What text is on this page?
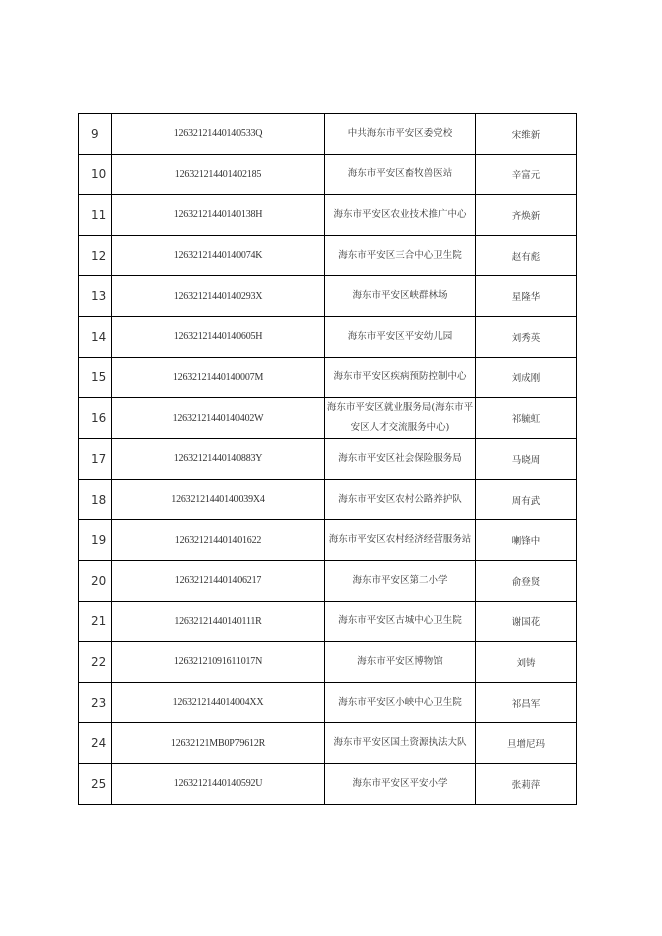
9	12632121440140533Q	中共海东市平安区委党校	宋维新
10	126321214401402185	海东市平安区畜牧兽医站	辛富元
11	12632121440140138H	海东市平安区农业技术推广中心	齐焕新
12	12632121440140074K	海东市平安区三合中心卫生院	赵有彪
13	12632121440140293X	海东市平安区峡群林场	星隆华
14	12632121440140605H	海东市平安区平安幼儿园	刘秀英
15	12632121440140007M	海东市平安区疾病预防控制中心	刘成刚
16	12632121440140402W	海东市平安区就业服务局(海东市平安区人才交流服务中心)	祁毓虹
17	12632121440140883Y	海东市平安区社会保险服务局	马晓周
18	12632121440140039X4	海东市平安区农村公路养护队	周有武
19	126321214401401622	海东市平安区农村经济经营服务站	喇锋中
20	126321214401406217	海东市平安区第二小学	俞登贤
21	12632121440140111R	海东市平安区古城中心卫生院	谢国花
22	12632121091611017N	海东市平安区博物馆	刘铸
23	1263212144014004XX	海东市平安区小峡中心卫生院	祁昌军
24	12632121MB0P79612R	海东市平安区国土资源执法大队	旦增尼玛
25	12632121440140592U	海东市平安区平安小学	张莉萍
